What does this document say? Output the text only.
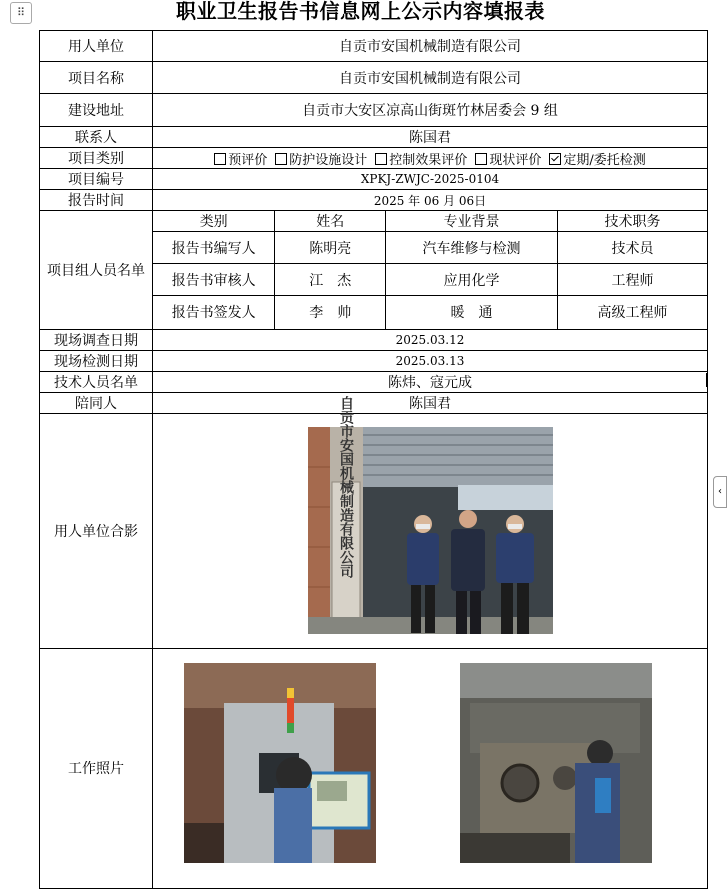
⠿	职业卫生报告书信息网上公示内容填报表
‹
用人单位	自贡市安国机械制造有限公司
项目名称	自贡市安国机械制造有限公司
建设地址	自贡市大安区凉高山街斑竹林居委会 9 组
联系人	陈国君
项目类别	预评价 防护设施设计 控制效果评价 现状评价 定期/委托检测
项目编号	XPKJ-ZWJC-2025-0104
报告时间	2025 年 06 月 06日
项目组人员名单	
类别	姓名	专业背景	技术职务
报告书编写人	陈明亮	汽车维修与检测	技术员
报告书审核人	江　杰	应用化学	工程师
报告书签发人	李　帅	暖　通	高级工程师

现场调查日期	2025.03.12
现场检测日期	2025.03.13
技术人员名单	陈炜、寇元成
陪同人	陈国君
用人单位合影	自贡市安国机械制造有限公司

工作照片	
